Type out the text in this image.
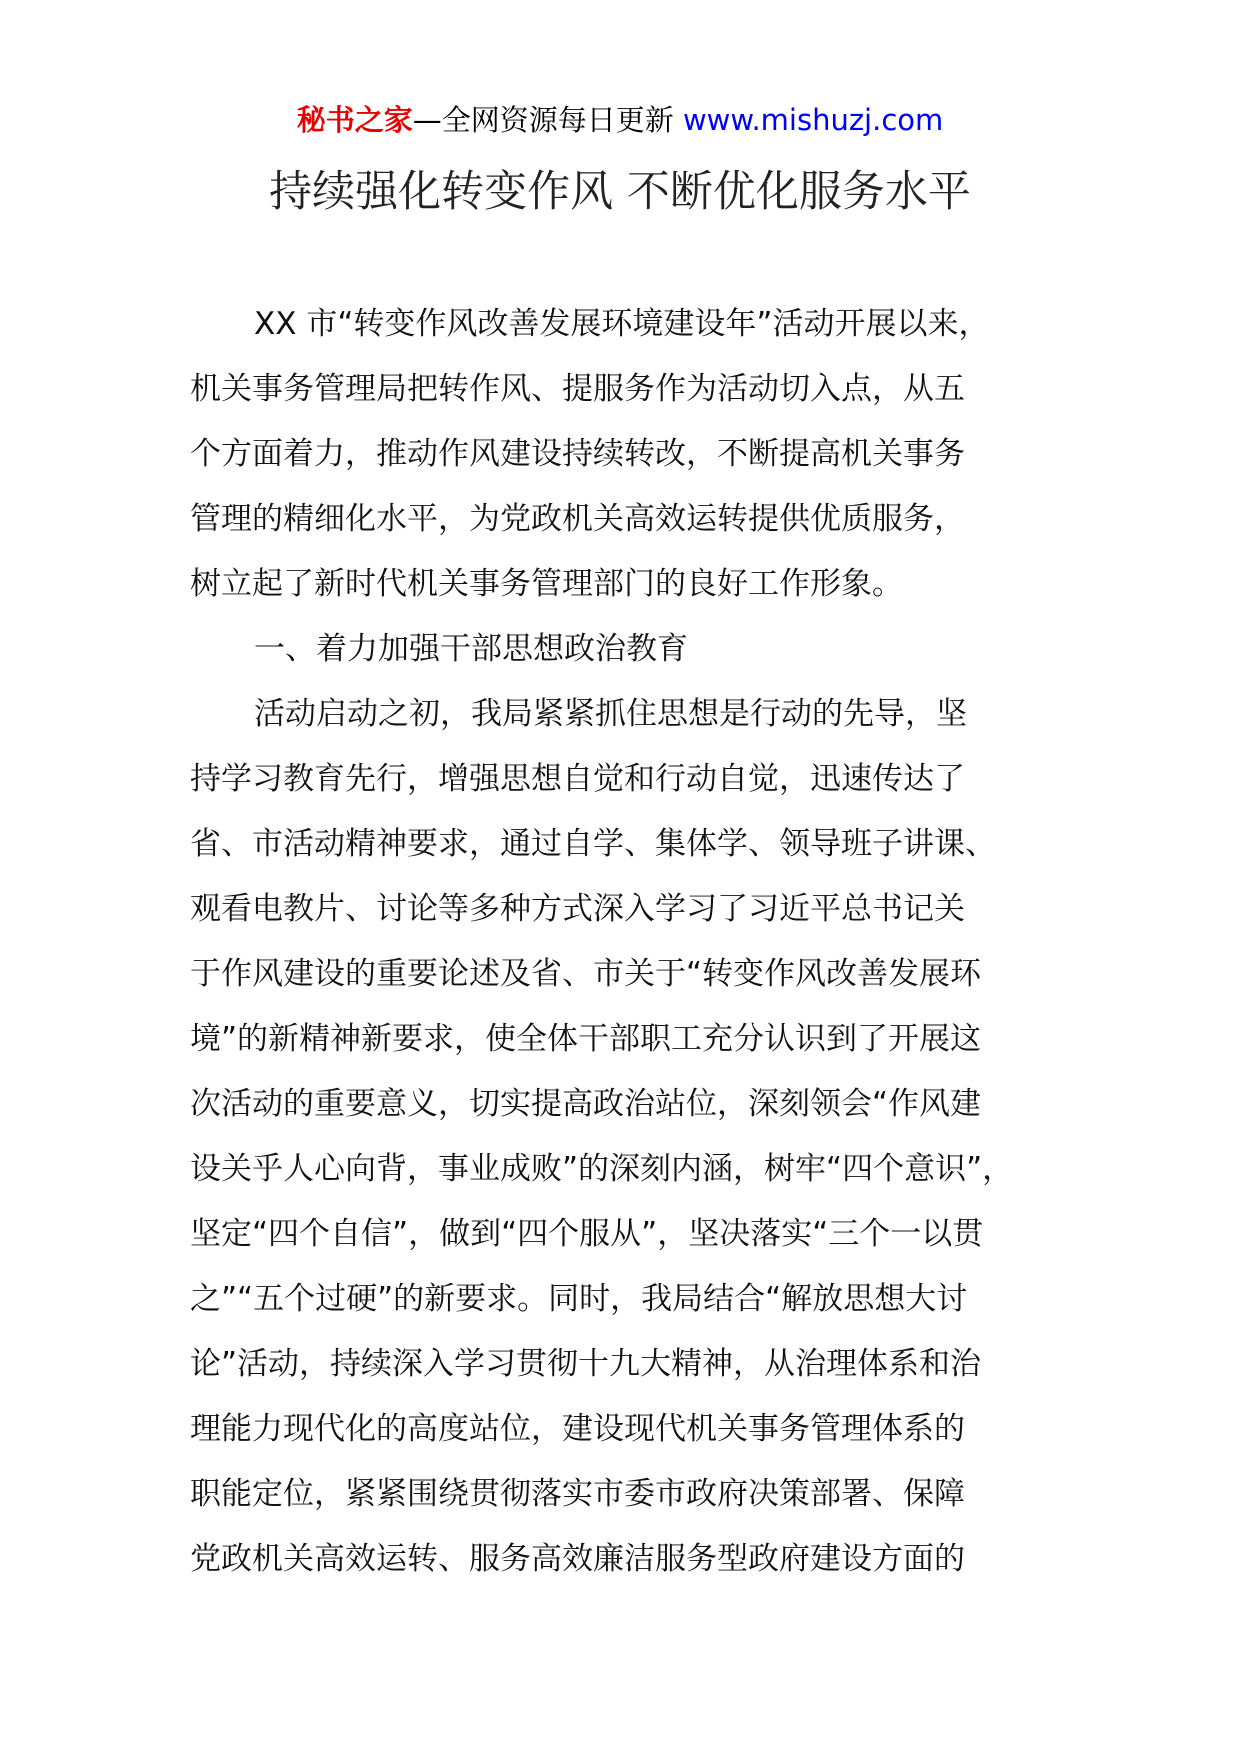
秘书之家—全网资源每日更新 www.mishuzj.com
持续强化转变作风 不断优化服务水平
XX 市“转变作风改善发展环境建设年”活动开展以来，
机关事务管理局把转作风、提服务作为活动切入点，从五
个方面着力，推动作风建设持续转改，不断提高机关事务
管理的精细化水平，为党政机关高效运转提供优质服务，
树立起了新时代机关事务管理部门的良好工作形象。
一、着力加强干部思想政治教育
活动启动之初，我局紧紧抓住思想是行动的先导，坚
持学习教育先行，增强思想自觉和行动自觉，迅速传达了
省、市活动精神要求，通过自学、集体学、领导班子讲课、
观看电教片、讨论等多种方式深入学习了习近平总书记关
于作风建设的重要论述及省、市关于“转变作风改善发展环
境”的新精神新要求，使全体干部职工充分认识到了开展这
次活动的重要意义，切实提高政治站位，深刻领会“作风建
设关乎人心向背，事业成败”的深刻内涵，树牢“四个意识”，
坚定“四个自信”，做到“四个服从”，坚决落实“三个一以贯
之”“五个过硬”的新要求。同时，我局结合“解放思想大讨
论”活动，持续深入学习贯彻十九大精神，从治理体系和治
理能力现代化的高度站位，建设现代机关事务管理体系的
职能定位，紧紧围绕贯彻落实市委市政府决策部署、保障
党政机关高效运转、服务高效廉洁服务型政府建设方面的
